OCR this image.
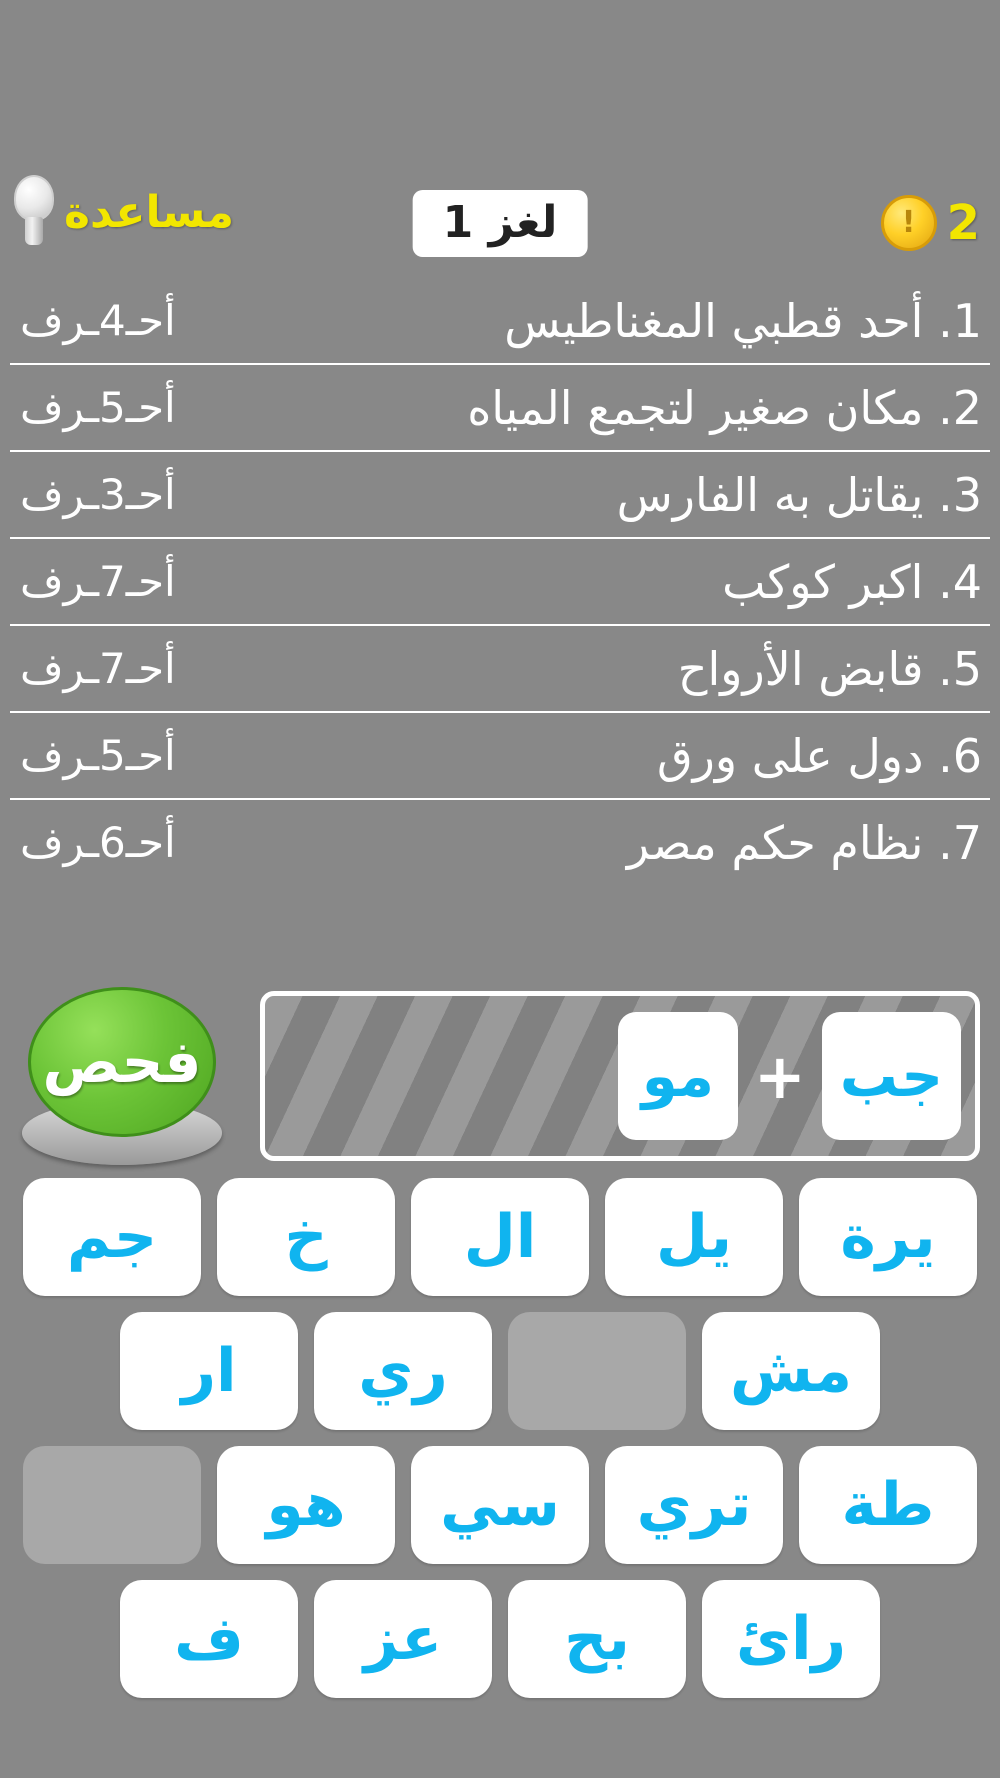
2
!
لغز 1
مساعدة
1. أحد قطبي المغناطيس
أحـ4ـرف
2. مكان صغير لتجمع المياه
أحـ5ـرف
3. يقاتل به الفارس
أحـ3ـرف
4. اكبر كوكب
أحـ7ـرف
5. قابض الأرواح
أحـ7ـرف
6. دول على ورق
أحـ5ـرف
7. نظام حكم مصر
أحـ6ـرف
جب
+
مو
فحص
يرة
يل
ال
خ
جم
مش
ري
ار
طة
تري
سي
هو
رائ
بح
عز
ف
